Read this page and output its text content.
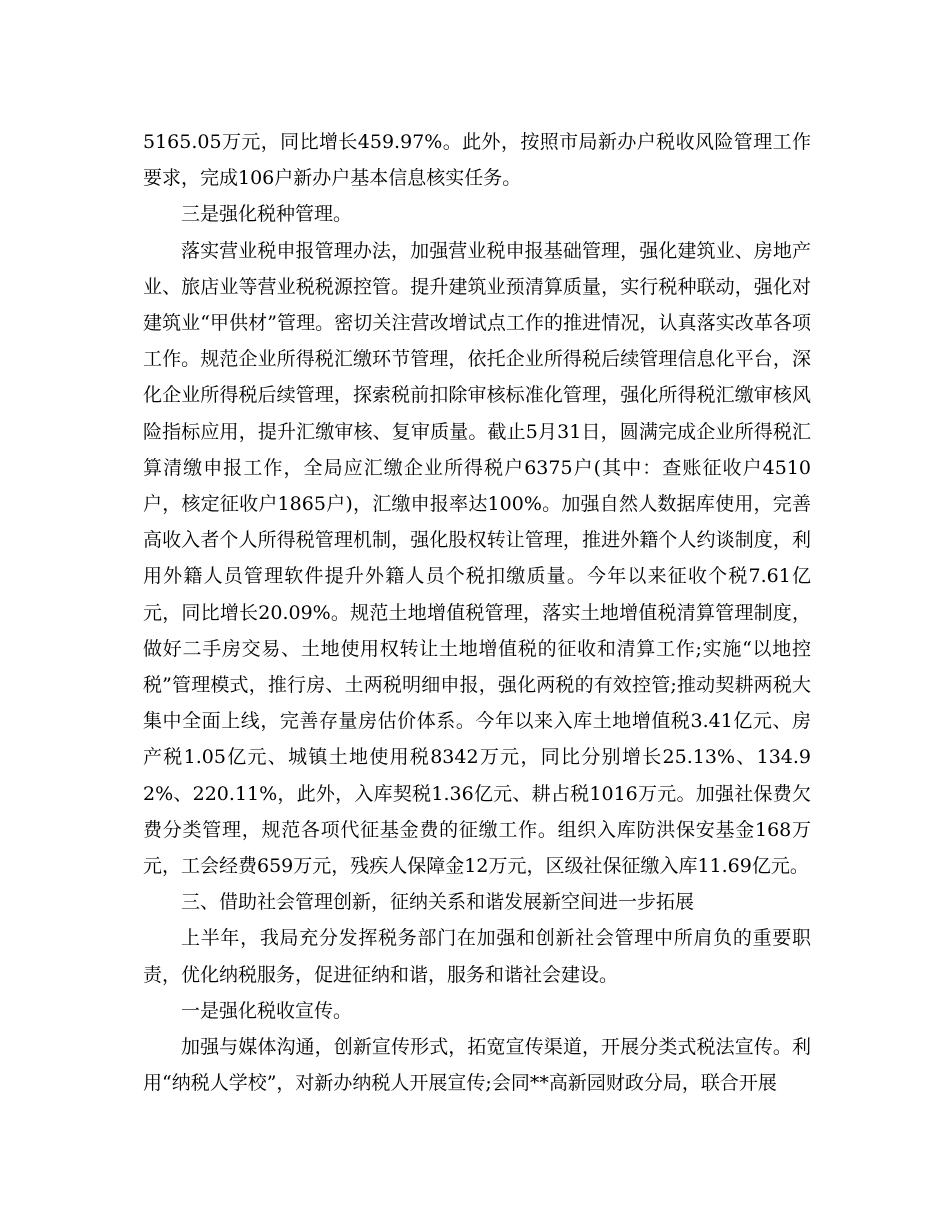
5165.05万元，同比增长459.97%。此外，按照市局新办户税收风险管理工作要求，完成106户新办户基本信息核实任务。

三是强化税种管理。

落实营业税申报管理办法，加强营业税申报基础管理，强化建筑业、房地产业、旅店业等营业税税源控管。提升建筑业预清算质量，实行税种联动，强化对建筑业“甲供材”管理。密切关注营改增试点工作的推进情况，认真落实改革各项工作。规范企业所得税汇缴环节管理，依托企业所得税后续管理信息化平台，深化企业所得税后续管理，探索税前扣除审核标准化管理，强化所得税汇缴审核风险指标应用，提升汇缴审核、复审质量。截止5月31日，圆满完成企业所得税汇算清缴申报工作，全局应汇缴企业所得税户6375户(其中：查账征收户4510户，核定征收户1865户)，汇缴申报率达100%。加强自然人数据库使用，完善高收入者个人所得税管理机制，强化股权转让管理，推进外籍个人约谈制度，利用外籍人员管理软件提升外籍人员个税扣缴质量。今年以来征收个税7.61亿元，同比增长20.09%。规范土地增值税管理，落实土地增值税清算管理制度，做好二手房交易、土地使用权转让土地增值税的征收和清算工作;实施“以地控税”管理模式，推行房、土两税明细申报，强化两税的有效控管;推动契耕两税大集中全面上线，完善存量房估价体系。今年以来入库土地增值税3.41亿元、房产税1.05亿元、城镇土地使用税8342万元，同比分别增长25.13%、134.92%、220.11%，此外，入库契税1.36亿元、耕占税1016万元。加强社保费欠费分类管理，规范各项代征基金费的征缴工作。组织入库防洪保安基金168万元，工会经费659万元，残疾人保障金12万元，区级社保征缴入库11.69亿元。

三、借助社会管理创新，征纳关系和谐发展新空间进一步拓展

上半年，我局充分发挥税务部门在加强和创新社会管理中所肩负的重要职责，优化纳税服务，促进征纳和谐，服务和谐社会建设。

一是强化税收宣传。

加强与媒体沟通，创新宣传形式，拓宽宣传渠道，开展分类式税法宣传。利用“纳税人学校”，对新办纳税人开展宣传;会同**高新园财政分局，联合开展
